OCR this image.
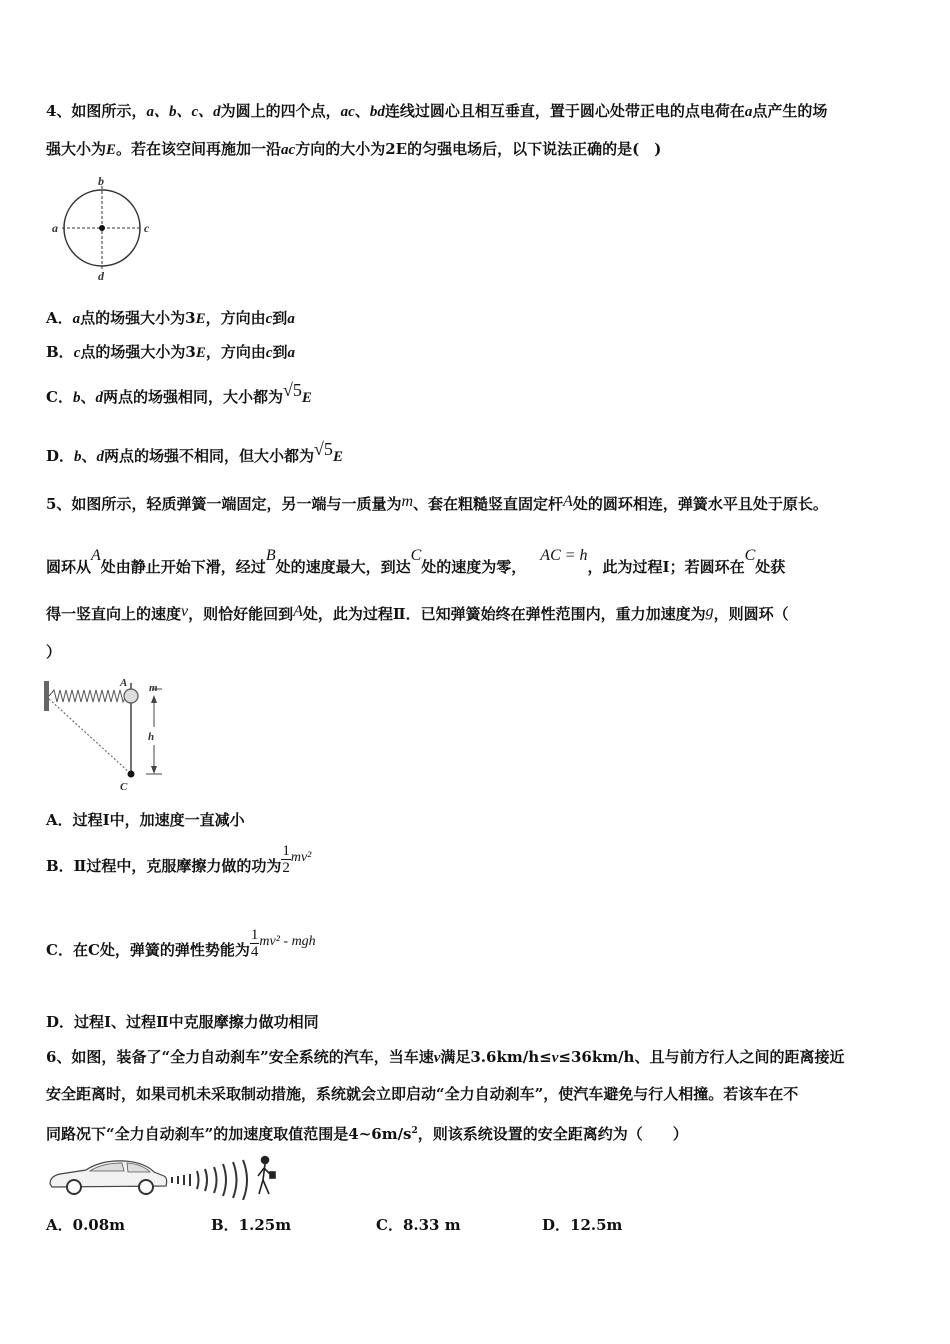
4、如图所示，a、b、c、d为圆上的四个点，ac、bd连线过圆心且相互垂直，置于圆心处带正电的点电荷在a点产生的场
强大小为E。若在该空间再施加一沿ac方向的大小为2E的匀强电场后，以下说法正确的是(　)
a
b
c
d
A．a点的场强大小为3E，方向由c到a
B．c点的场强大小为3E，方向由c到a
C．b、d两点的场强相同，大小都为√5E
D．b、d两点的场强不相同，但大小都为√5E
5、如图所示，轻质弹簧一端固定，另一端与一质量为m、套在粗糙竖直固定杆A处的圆环相连，弹簧水平且处于原长。
圆环从A处由静止开始下滑，经过B处的速度最大，到达C处的速度为零，AC = h，此为过程Ⅰ；若圆环在C处获
得一竖直向上的速度v，则恰好能回到A处，此为过程Ⅱ．已知弹簧始终在弹性范围内，重力加速度为g，则圆环（
）
A m
h
C
A．过程Ⅰ中，加速度一直减小
B．Ⅱ过程中，克服摩擦力做的功为 $\frac{1}{2} mv^2$
C．在C处，弹簧的弹性势能为 $\frac{1}{4} mv^2$ - mgh
D．过程Ⅰ、过程Ⅱ中克服摩擦力做功相同
6、如图，装备了“全力自动刹车”安全系统的汽车，当车速v满足3.6km/h≤v≤36km/h、且与前方行人之间的距离接近
安全距离时，如果司机未采取制动措施，系统就会立即启动“全力自动刹车”，使汽车避免与行人相撞。若该车在不
同路况下“全力自动刹车”的加速度取值范围是$4\sim 6m/s^2$，则该系统设置的安全距离约为（　　）
A．0.08m	B．1.25m	C．8.33 m	D．12.5m
